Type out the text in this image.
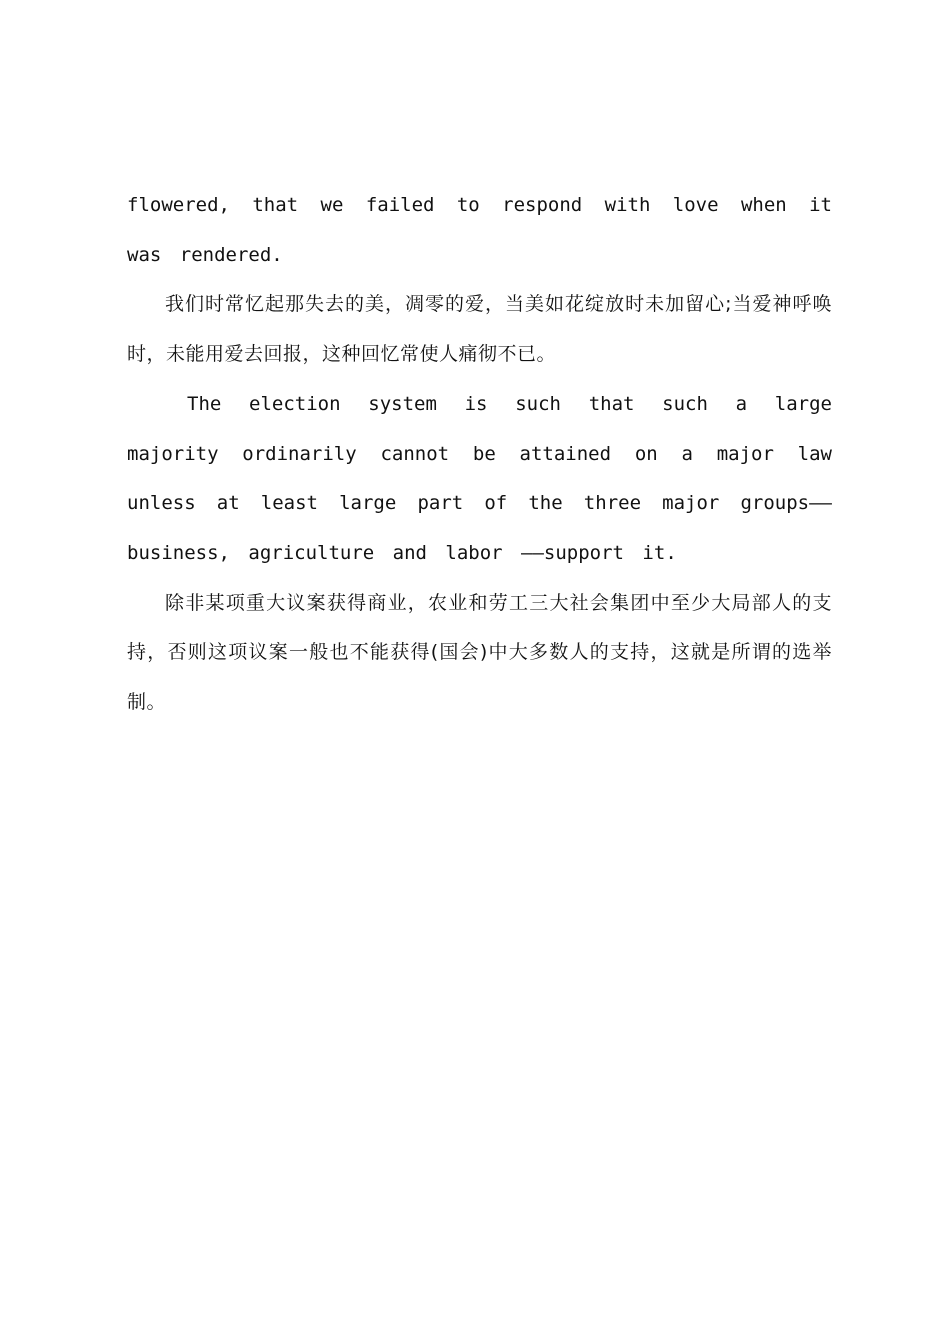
flowered, that we failed to respond with love when it was rendered.

我们时常忆起那失去的美，凋零的爱，当美如花绽放时未加留心;当爱神呼唤时，未能用爱去回报，这种回忆常使人痛彻不已。

The election system is such that such a large majority ordinarily cannot be attained on a major law unless at least large part of the three major groups——business, agriculture and labor ——support it.

除非某项重大议案获得商业，农业和劳工三大社会集团中至少大局部人的支持，否则这项议案一般也不能获得(国会)中大多数人的支持，这就是所谓的选举制。
